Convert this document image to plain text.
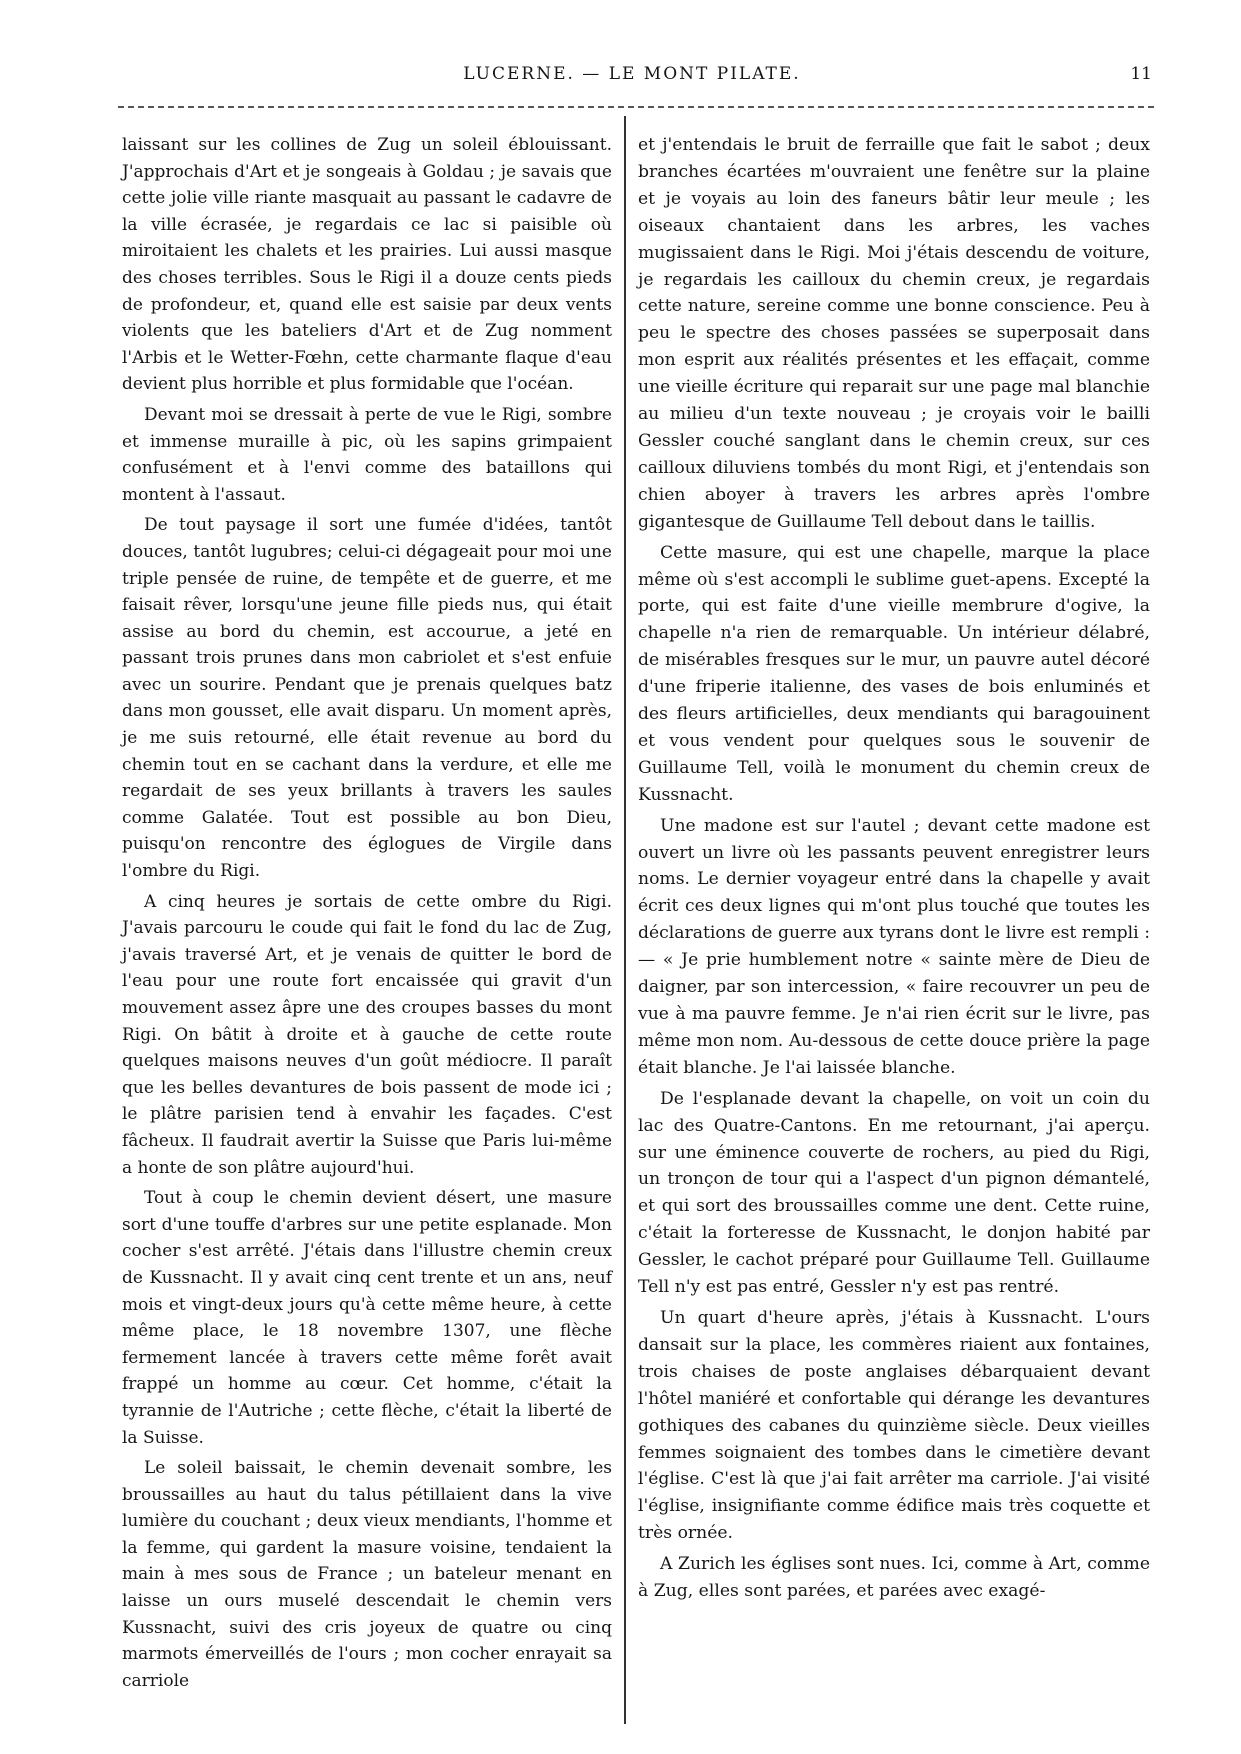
LUCERNE. — LE MONT PILATE.	11

laissant sur les collines de Zug un soleil éblouissant. J'approchais d'Art et je songeais à Goldau ; je savais que cette jolie ville riante masquait au passant le cadavre de la ville écrasée, je regardais ce lac si paisible où miroitaient les chalets et les prairies. Lui aussi masque des choses terribles. Sous le Rigi il a douze cents pieds de profondeur, et, quand elle est saisie par deux vents violents que les bateliers d'Art et de Zug nomment l'Arbis et le Wetter-Fœhn, cette charmante flaque d'eau devient plus horrible et plus formidable que l'océan.

Devant moi se dressait à perte de vue le Rigi, sombre et immense muraille à pic, où les sapins grimpaient confusément et à l'envi comme des bataillons qui montent à l'assaut.

De tout paysage il sort une fumée d'idées, tantôt douces, tantôt lugubres; celui-ci dégageait pour moi une triple pensée de ruine, de tempête et de guerre, et me faisait rêver, lorsqu'une jeune fille pieds nus, qui était assise au bord du chemin, est accourue, a jeté en passant trois prunes dans mon cabriolet et s'est enfuie avec un sourire. Pendant que je prenais quelques batz dans mon gousset, elle avait disparu. Un moment après, je me suis retourné, elle était revenue au bord du chemin tout en se cachant dans la verdure, et elle me regardait de ses yeux brillants à travers les saules comme Galatée. Tout est possible au bon Dieu, puisqu'on rencontre des églogues de Virgile dans l'ombre du Rigi.

A cinq heures je sortais de cette ombre du Rigi. J'avais parcouru le coude qui fait le fond du lac de Zug, j'avais traversé Art, et je venais de quitter le bord de l'eau pour une route fort encaissée qui gravit d'un mouvement assez âpre une des croupes basses du mont Rigi. On bâtit à droite et à gauche de cette route quelques maisons neuves d'un goût médiocre. Il paraît que les belles devantures de bois passent de mode ici ; le plâtre parisien tend à envahir les façades. C'est fâcheux. Il faudrait avertir la Suisse que Paris lui-même a honte de son plâtre aujourd'hui.

Tout à coup le chemin devient désert, une masure sort d'une touffe d'arbres sur une petite esplanade. Mon cocher s'est arrêté. J'étais dans l'illustre chemin creux de Kussnacht. Il y avait cinq cent trente et un ans, neuf mois et vingt-deux jours qu'à cette même heure, à cette même place, le 18 novembre 1307, une flèche fermement lancée à travers cette même forêt avait frappé un homme au cœur. Cet homme, c'était la tyrannie de l'Autriche ; cette flèche, c'était la liberté de la Suisse.

Le soleil baissait, le chemin devenait sombre, les broussailles au haut du talus pétillaient dans la vive lumière du couchant ; deux vieux mendiants, l'homme et la femme, qui gardent la masure voisine, tendaient la main à mes sous de France ; un bateleur menant en laisse un ours muselé descendait le chemin vers Kussnacht, suivi des cris joyeux de quatre ou cinq marmots émerveillés de l'ours ; mon cocher enrayait sa carriole

et j'entendais le bruit de ferraille que fait le sabot ; deux branches écartées m'ouvraient une fenêtre sur la plaine et je voyais au loin des faneurs bâtir leur meule ; les oiseaux chantaient dans les arbres, les vaches mugissaient dans le Rigi. Moi j'étais descendu de voiture, je regardais les cailloux du chemin creux, je regardais cette nature, sereine comme une bonne conscience. Peu à peu le spectre des choses passées se superposait dans mon esprit aux réalités présentes et les effaçait, comme une vieille écriture qui reparait sur une page mal blanchie au milieu d'un texte nouveau ; je croyais voir le bailli Gessler couché sanglant dans le chemin creux, sur ces cailloux diluviens tombés du mont Rigi, et j'entendais son chien aboyer à travers les arbres après l'ombre gigantesque de Guillaume Tell debout dans le taillis.

Cette masure, qui est une chapelle, marque la place même où s'est accompli le sublime guet-apens. Excepté la porte, qui est faite d'une vieille membrure d'ogive, la chapelle n'a rien de remarquable. Un intérieur délabré, de misérables fresques sur le mur, un pauvre autel décoré d'une friperie italienne, des vases de bois enluminés et des fleurs artificielles, deux mendiants qui baragouinent et vous vendent pour quelques sous le souvenir de Guillaume Tell, voilà le monument du chemin creux de Kussnacht.

Une madone est sur l'autel ; devant cette madone est ouvert un livre où les passants peuvent enregistrer leurs noms. Le dernier voyageur entré dans la chapelle y avait écrit ces deux lignes qui m'ont plus touché que toutes les déclarations de guerre aux tyrans dont le livre est rempli : — « Je prie humblement notre « sainte mère de Dieu de daigner, par son intercession, « faire recouvrer un peu de vue à ma pauvre femme. Je n'ai rien écrit sur le livre, pas même mon nom. Au-dessous de cette douce prière la page était blanche. Je l'ai laissée blanche.

De l'esplanade devant la chapelle, on voit un coin du lac des Quatre-Cantons. En me retournant, j'ai aperçu. sur une éminence couverte de rochers, au pied du Rigi, un tronçon de tour qui a l'aspect d'un pignon démantelé, et qui sort des broussailles comme une dent. Cette ruine, c'était la forteresse de Kussnacht, le donjon habité par Gessler, le cachot préparé pour Guillaume Tell. Guillaume Tell n'y est pas entré, Gessler n'y est pas rentré.

Un quart d'heure après, j'étais à Kussnacht. L'ours dansait sur la place, les commères riaient aux fontaines, trois chaises de poste anglaises débarquaient devant l'hôtel maniéré et confortable qui dérange les devantures gothiques des cabanes du quinzième siècle. Deux vieilles femmes soignaient des tombes dans le cimetière devant l'église. C'est là que j'ai fait arrêter ma carriole. J'ai visité l'église, insignifiante comme édifice mais très coquette et très ornée.

A Zurich les églises sont nues. Ici, comme à Art, comme à Zug, elles sont parées, et parées avec exagé-
